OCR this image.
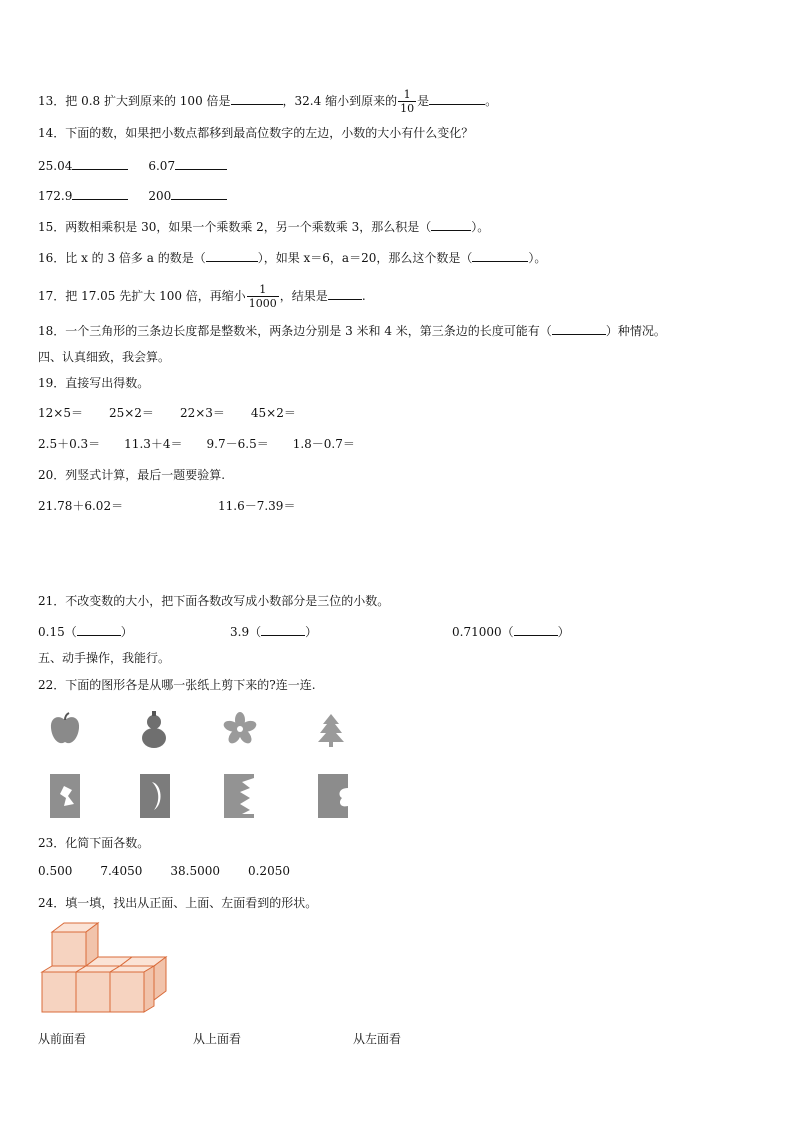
13．把 0.8 扩大到原来的 100 倍是	，32.4 缩小到原来的 $\frac{1}{10}$ 是	。
14．下面的数，如果把小数点都移到最高位数字的左边，小数的大小有什么变化？
25.04	6.07
172.9	200
15．两数相乘积是 30，如果一个乘数乘 2，另一个乘数乘 3，那么积是（	）。
16．比 x 的 3 倍多 a 的数是（	），如果 x＝6，a＝20，那么这个数是（	）。
17．把 17.05 先扩大 100 倍，再缩小 $\frac{1}{1000}$ ，结果是	.
18．一个三角形的三条边长度都是整数米，两条边分别是 3 米和 4 米，第三条边的长度可能有（	）种情况。
四、认真细致，我会算。
19．直接写出得数。
12×5＝ 25×2＝ 22×3＝ 45×2＝
2.5＋0.3＝ 11.3＋4＝ 9.7－6.5＝ 1.8－0.7＝
20．列竖式计算，最后一题要验算.
21.78＋6.02＝	11.6－7.39＝
21．不改变数的大小，把下面各数改写成小数部分是三位的小数。
0.15（	）	3.9（	）	0.71000（	）
五、动手操作，我能行。
22．下面的图形各是从哪一张纸上剪下来的?连一连.
23．化简下面各数。
0.500 7.4050 38.5000 0.2050
24．填一填，找出从正面、上面、左面看到的形状。
从前面看	从上面看	从左面看
